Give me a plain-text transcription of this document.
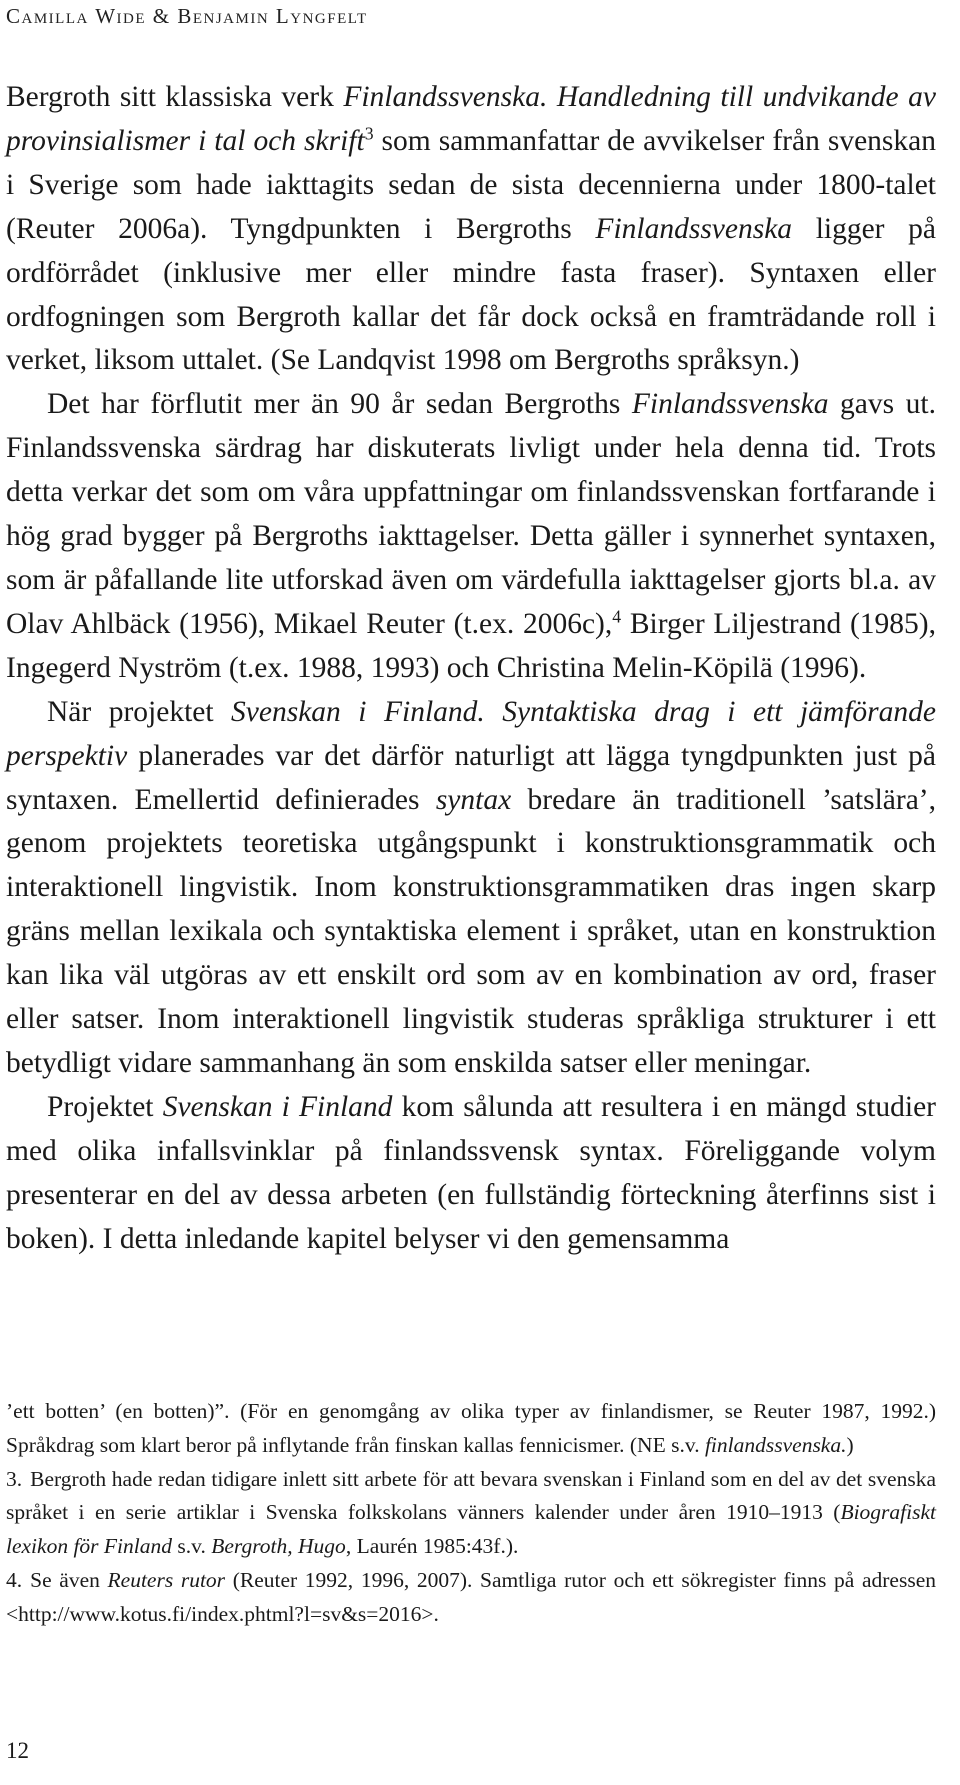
Camilla Wide & Benjamin Lyngfelt

Bergroth sitt klassiska verk Finlandssvenska. Handledning till undvikande av provinsialismer i tal och skrift$^3$ som sammanfattar de avvikelser från svenskan i Sverige som hade iakttagits sedan de sista decennierna under 1800-talet (Reuter 2006a). Tyngdpunkten i Bergroths Finlandssvenska ligger på ordförrådet (inklusive mer eller mindre fasta fraser). Syntaxen eller ordfogningen som Bergroth kallar det får dock också en framträdande roll i verket, liksom uttalet. (Se Landqvist 1998 om Bergroths språksyn.)

Det har förflutit mer än 90 år sedan Bergroths Finlandssvenska gavs ut. Finlandssvenska särdrag har diskuterats livligt under hela denna tid. Trots detta verkar det som om våra uppfattningar om finlandssvenskan fortfarande i hög grad bygger på Bergroths iakttagelser. Detta gäller i synnerhet syntaxen, som är påfallande lite utforskad även om värdefulla iakttagelser gjorts bl.a. av Olav Ahlbäck (1956), Mikael Reuter (t.ex. 2006c),$^4$ Birger Liljestrand (1985), Ingegerd Nyström (t.ex. 1988, 1993) och Christina Melin-Köpilä (1996).

När projektet Svenskan i Finland. Syntaktiska drag i ett jämförande perspektiv planerades var det därför naturligt att lägga tyngdpunkten just på syntaxen. Emellertid definierades syntax bredare än traditionell ’satslära’, genom projektets teoretiska utgångspunkt i konstruktionsgrammatik och interaktionell lingvistik. Inom konstruktionsgrammatiken dras ingen skarp gräns mellan lexikala och syntaktiska element i språket, utan en konstruktion kan lika väl utgöras av ett enskilt ord som av en kombination av ord, fraser eller satser. Inom interaktionell lingvistik studeras språkliga strukturer i ett betydligt vidare sammanhang än som enskilda satser eller meningar.

Projektet Svenskan i Finland kom sålunda att resultera i en mängd studier med olika infallsvinklar på finlandssvensk syntax. Föreliggande volym presenterar en del av dessa arbeten (en fullständig förteckning återfinns sist i boken). I detta inledande kapitel belyser vi den gemensamma

’ett botten’ (en botten)”. (För en genomgång av olika typer av finlandismer, se Reuter 1987, 1992.) Språkdrag som klart beror på inflytande från finskan kallas fennicismer. (NE s.v. finlandssvenska.)

3. Bergroth hade redan tidigare inlett sitt arbete för att bevara svenskan i Finland som en del av det svenska språket i en serie artiklar i Svenska folkskolans vänners kalender under åren 1910–1913 (Biografiskt lexikon för Finland s.v. Bergroth, Hugo, Laurén 1985:43f.).

4. Se även Reuters rutor (Reuter 1992, 1996, 2007). Samtliga rutor och ett sökregister finns på adressen <http://www.kotus.fi/index.phtml?l=sv&s=2016>.

12
